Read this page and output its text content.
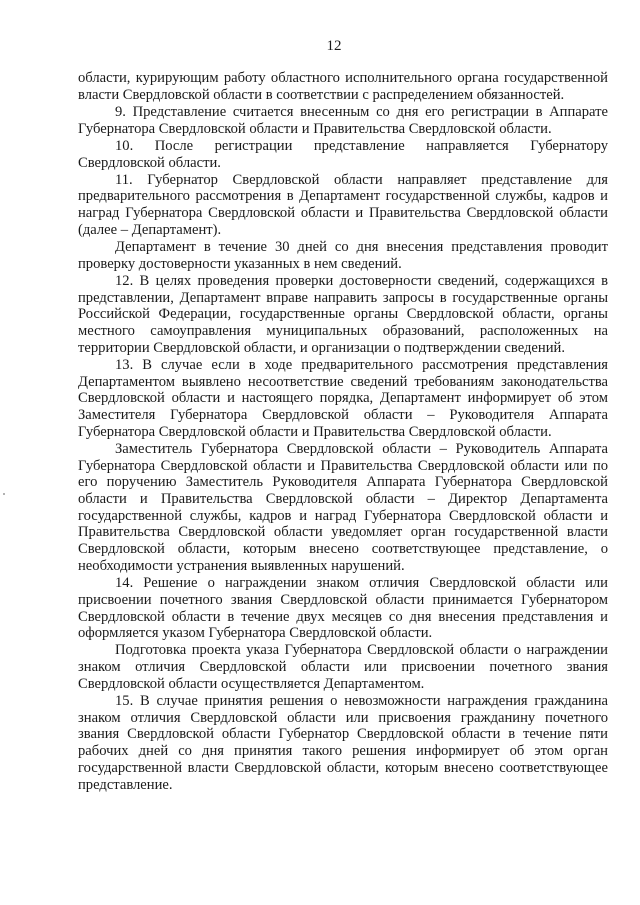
12

области, курирующим работу областного исполнительного органа государственной власти Свердловской области в соответствии с распределением обязанностей.

9. Представление считается внесенным со дня его регистрации в Аппарате Губернатора Свердловской области и Правительства Свердловской области.

10. После регистрации представление направляется Губернатору Свердловской области.

11. Губернатор Свердловской области направляет представление для предварительного рассмотрения в Департамент государственной службы, кадров и наград Губернатора Свердловской области и Правительства Свердловской области (далее – Департамент).

Департамент в течение 30 дней со дня внесения представления проводит проверку достоверности указанных в нем сведений.

12. В целях проведения проверки достоверности сведений, содержащихся в представлении, Департамент вправе направить запросы в государственные органы Российской Федерации, государственные органы Свердловской области, органы местного самоуправления муниципальных образований, расположенных на территории Свердловской области, и организации о подтверждении сведений.

13. В случае если в ходе предварительного рассмотрения представления Департаментом выявлено несоответствие сведений требованиям законодательства Свердловской области и настоящего порядка, Департамент информирует об этом Заместителя Губернатора Свердловской области – Руководителя Аппарата Губернатора Свердловской области и Правительства Свердловской области.

Заместитель Губернатора Свердловской области – Руководитель Аппарата Губернатора Свердловской области и Правительства Свердловской области или по его поручению Заместитель Руководителя Аппарата Губернатора Свердловской области и Правительства Свердловской области – Директор Департамента государственной службы, кадров и наград Губернатора Свердловской области и Правительства Свердловской области уведомляет орган государственной власти Свердловской области, которым внесено соответствующее представление, о необходимости устранения выявленных нарушений.

14. Решение о награждении знаком отличия Свердловской области или присвоении почетного звания Свердловской области принимается Губернатором Свердловской области в течение двух месяцев со дня внесения представления и оформляется указом Губернатора Свердловской области.

Подготовка проекта указа Губернатора Свердловской области о награждении знаком отличия Свердловской области или присвоении почетного звания Свердловской области осуществляется Департаментом.

15. В случае принятия решения о невозможности награждения гражданина знаком отличия Свердловской области или присвоения гражданину почетного звания Свердловской области Губернатор Свердловской области в течение пяти рабочих дней со дня принятия такого решения информирует об этом орган государственной власти Свердловской области, которым внесено соответствующее представление.
